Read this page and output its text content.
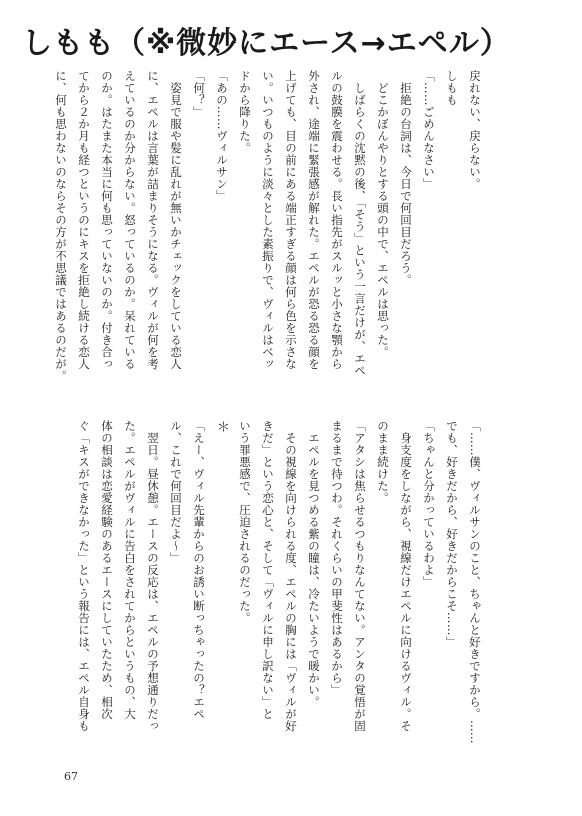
しもも（※微妙にエース→エペル）

戻れない、戻らない。

しもも

「……ごめんなさい」

　拒絶の台詞は、今日で何回目だろう。

　どこかぼんやりとする頭の中で、エペルは思った。

　しばらくの沈黙の後、「そう」という一言だけが、エペ

ルの鼓膜を震わせる。長い指先がスルッと小さな顎から

外され、途端に緊張感が解れた。エペルが恐る恐る顔を

上げても、目の前にある端正すぎる顔は何ら色を示さな

い。いつものように淡々とした素振りで、ヴィルはベッ

ドから降りた。

「あの……ヴィルサン」

「何？」

　姿見で服や髪に乱れが無いかチェックをしている恋人

に、エペルは言葉が詰まりそうになる。ヴィルが何を考

えているのか分からない。怒っているのか。呆れている

のか。はたまた本当に何も思っていないのか。付き合っ

てから２か月も経つというのにキスを拒絶し続ける恋人

に、何も思わないのならその方が不思議ではあるのだが。

「……僕、ヴィルサンのこと、ちゃんと好きですから。……

でも、好きだから、好きだからこそ……」

「ちゃんと分かっているわよ」

　身支度をしながら、視線だけエペルに向けるヴィル。そ

のまま続けた。

「アタシは焦らせるつもりなんてない。アンタの覚悟が固

まるまで待つわ。それくらいの甲斐性はあるから」

　エペルを見つめる紫の瞳は、冷たいようで暖かい。

　その視線を向けられる度、エペルの胸には「ヴィルが好

きだ」という恋心と、そして「ヴィルに申し訳ない」と

いう罪悪感で、圧迫されるのだった。

＊

「えー、ヴィル先輩からのお誘い断っちゃったの？エペ

ル、これで何回目だよ～」

　翌日。昼休憩。エースの反応は、エペルの予想通りだっ

た。エペルがヴィルに告白をされてからというもの、大

体の相談は恋愛経験のあるエースにしていたため、相次

ぐ「キスができなかった」という報告には、エペル自身も

67
